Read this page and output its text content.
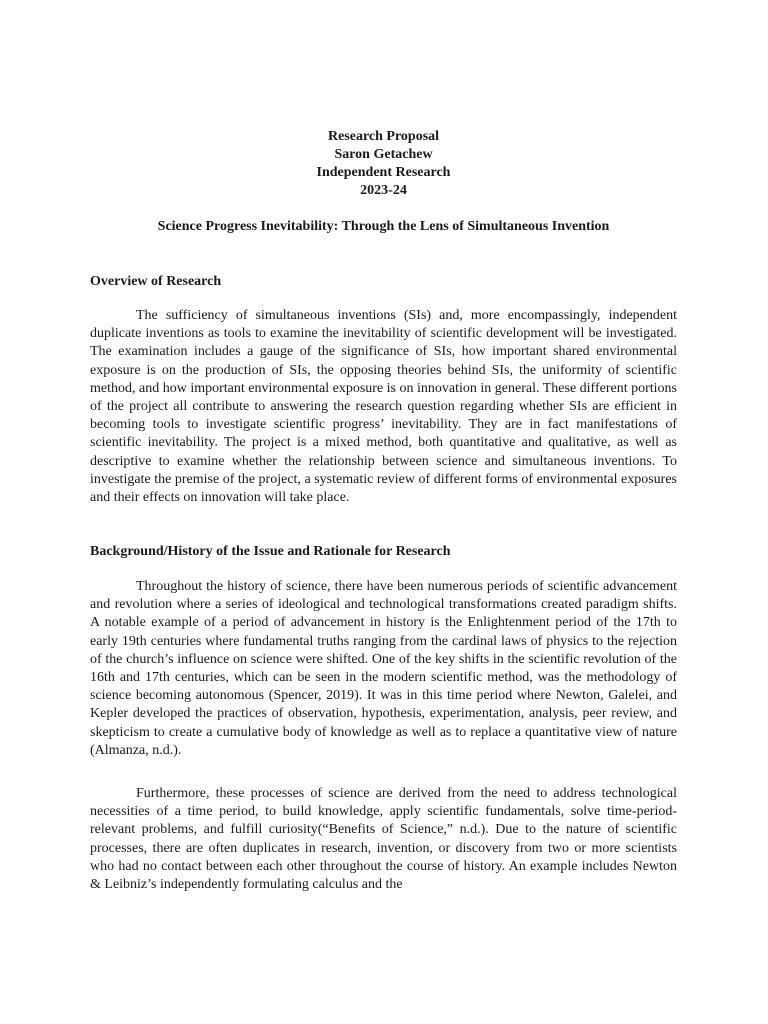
Research Proposal
Saron Getachew
Independent Research
2023-24
Science Progress Inevitability: Through the Lens of Simultaneous Invention
Overview of Research

The sufficiency of simultaneous inventions (SIs) and, more encompassingly, independent duplicate inventions as tools to examine the inevitability of scientific development will be investigated. The examination includes a gauge of the significance of SIs, how important shared environmental exposure is on the production of SIs, the opposing theories behind SIs, the uniformity of scientific method, and how important environmental exposure is on innovation in general. These different portions of the project all contribute to answering the research question regarding whether SIs are efficient in becoming tools to investigate scientific progress’ inevitability. They are in fact manifestations of scientific inevitability. The project is a mixed method, both quantitative and qualitative, as well as descriptive to examine whether the relationship between science and simultaneous inventions. To investigate the premise of the project, a systematic review of different forms of environmental exposures and their effects on innovation will take place.

Background/History of the Issue and Rationale for Research

Throughout the history of science, there have been numerous periods of scientific advancement and revolution where a series of ideological and technological transformations created paradigm shifts. A notable example of a period of advancement in history is the Enlightenment period of the 17th to early 19th centuries where fundamental truths ranging from the cardinal laws of physics to the rejection of the church’s influence on science were shifted. One of the key shifts in the scientific revolution of the 16th and 17th centuries, which can be seen in the modern scientific method, was the methodology of science becoming autonomous (Spencer, 2019). It was in this time period where Newton, Galelei, and Kepler developed the practices of observation, hypothesis, experimentation, analysis, peer review, and skepticism to create a cumulative body of knowledge as well as to replace a quantitative view of nature (Almanza, n.d.).

Furthermore, these processes of science are derived from the need to address technological necessities of a time period, to build knowledge, apply scientific fundamentals, solve time-period-relevant problems, and fulfill curiosity(“Benefits of Science,” n.d.). Due to the nature of scientific processes, there are often duplicates in research, invention, or discovery from two or more scientists who had no contact between each other throughout the course of history. An example includes Newton & Leibniz’s independently formulating calculus and the
